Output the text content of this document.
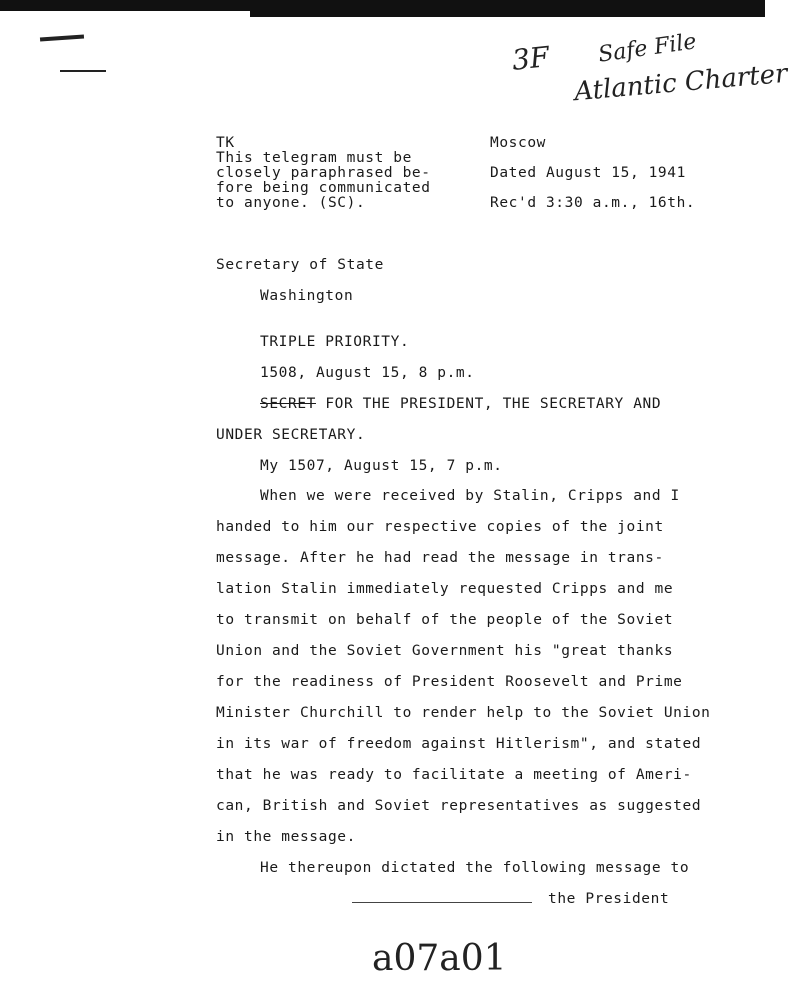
3F Safe File
Atlantic Charter
TK
This telegram must be
closely paraphrased be-
fore being communicated
to anyone. (SC).
Moscow
Dated August 15, 1941
Rec'd 3:30 a.m., 16th.
Secretary of State
Washington
TRIPLE PRIORITY.
1508, August 15, 8 p.m.
SECRET FOR THE PRESIDENT, THE SECRETARY AND
UNDER SECRETARY.
My 1507, August 15, 7 p.m.
When we were received by Stalin, Cripps and I
handed to him our respective copies of the joint
message. After he had read the message in trans-
lation Stalin immediately requested Cripps and me
to transmit on behalf of the people of the Soviet
Union and the Soviet Government his "great thanks
for the readiness of President Roosevelt and Prime
Minister Churchill to render help to the Soviet Union
in its war of freedom against Hitlerism", and stated
that he was ready to facilitate a meeting of Ameri-
can, British and Soviet representatives as suggested
in the message.
He thereupon dictated the following message to
the President
a07a01
